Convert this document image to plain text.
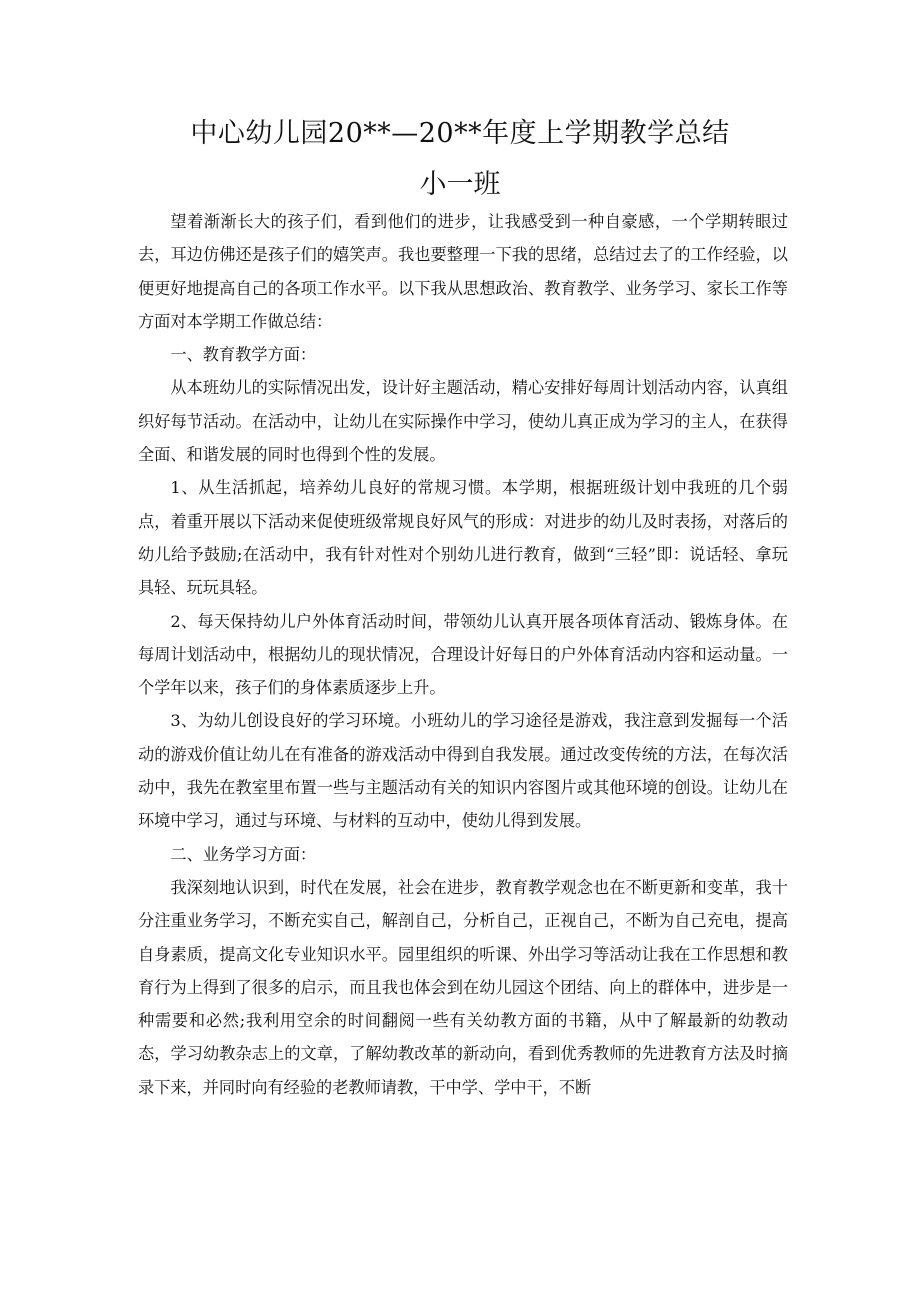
中心幼儿园20**—20**年度上学期教学总结
小一班

望着渐渐长大的孩子们，看到他们的进步，让我感受到一种自豪感，一个学期转眼过去，耳边仿佛还是孩子们的嬉笑声。我也要整理一下我的思绪，总结过去了的工作经验，以便更好地提高自己的各项工作水平。以下我从思想政治、教育教学、业务学习、家长工作等方面对本学期工作做总结：

一、教育教学方面：

从本班幼儿的实际情况出发，设计好主题活动，精心安排好每周计划活动内容，认真组织好每节活动。在活动中，让幼儿在实际操作中学习，使幼儿真正成为学习的主人，在获得全面、和谐发展的同时也得到个性的发展。

1、从生活抓起，培养幼儿良好的常规习惯。本学期，根据班级计划中我班的几个弱点，着重开展以下活动来促使班级常规良好风气的形成：对进步的幼儿及时表扬，对落后的幼儿给予鼓励;在活动中，我有针对性对个别幼儿进行教育，做到“三轻”即：说话轻、拿玩具轻、玩玩具轻。

2、每天保持幼儿户外体育活动时间，带领幼儿认真开展各项体育活动、锻炼身体。在每周计划活动中，根据幼儿的现状情况，合理设计好每日的户外体育活动内容和运动量。一个学年以来，孩子们的身体素质逐步上升。

3、为幼儿创设良好的学习环境。小班幼儿的学习途径是游戏，我注意到发掘每一个活动的游戏价值让幼儿在有准备的游戏活动中得到自我发展。通过改变传统的方法，在每次活动中，我先在教室里布置一些与主题活动有关的知识内容图片或其他环境的创设。让幼儿在环境中学习，通过与环境、与材料的互动中，使幼儿得到发展。

二、业务学习方面：

我深刻地认识到，时代在发展，社会在进步，教育教学观念也在不断更新和变革，我十分注重业务学习，不断充实自己，解剖自己，分析自己，正视自己，不断为自己充电，提高自身素质，提高文化专业知识水平。园里组织的听课、外出学习等活动让我在工作思想和教育行为上得到了很多的启示，而且我也体会到在幼儿园这个团结、向上的群体中，进步是一种需要和必然;我利用空余的时间翻阅一些有关幼教方面的书籍，从中了解最新的幼教动态，学习幼教杂志上的文章，了解幼教改革的新动向，看到优秀教师的先进教育方法及时摘录下来，并同时向有经验的老教师请教，干中学、学中干，不断
